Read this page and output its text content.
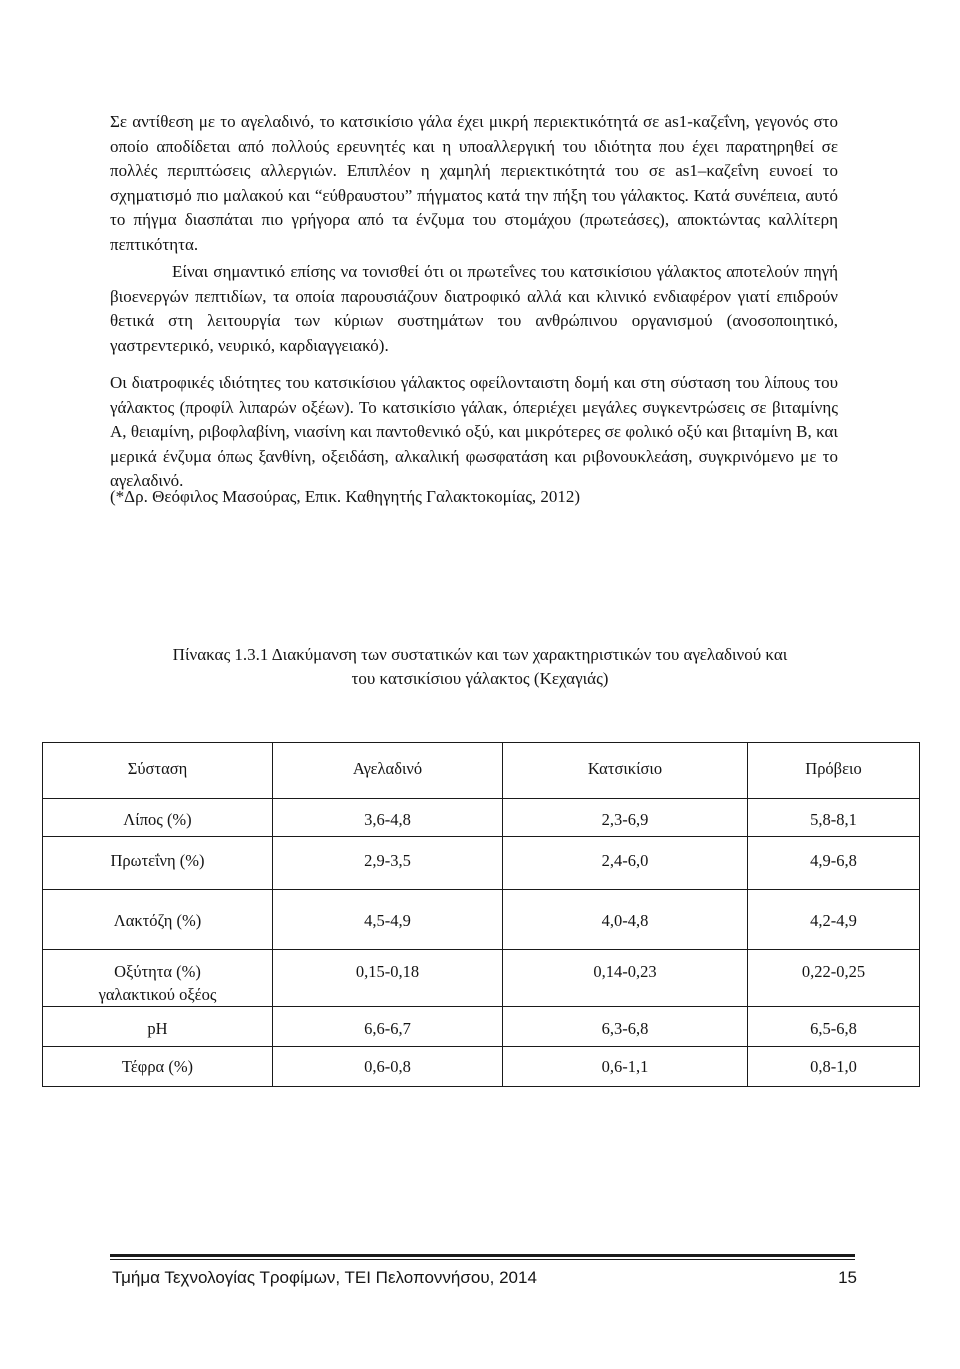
Σε αντίθεση με το αγελαδινό, το κατσικίσιο γάλα έχει μικρή περιεκτικότητά σε as1-καζεΐνη, γεγονός στο οποίο αποδίδεται από πολλούς ερευνητές και η υποαλλεργική του ιδιότητα που έχει παρατηρηθεί σε πολλές περιπτώσεις αλλεργιών. Επιπλέον η χαμηλή περιεκτικότητά του σε as1–καζεΐνη ευνοεί το σχηματισμό πιο μαλακού και “εύθραυστου” πήγματος κατά την πήξη του γάλακτος. Κατά συνέπεια, αυτό το πήγμα διασπάται πιο γρήγορα από τα ένζυμα του στομάχου (πρωτεάσες), αποκτώντας καλλίτερη πεπτικότητα.

Είναι σημαντικό επίσης να τονισθεί ότι οι πρωτεΐνες του κατσικίσιου γάλακτος αποτελούν πηγή βιοενεργών πεπτιδίων, τα οποία παρουσιάζουν διατροφικό αλλά και κλινικό ενδιαφέρον γιατί επιδρούν θετικά στη λειτουργία των κύριων συστημάτων του ανθρώπινου οργανισμού (ανοσοποιητικό, γαστρεντερικό, νευρικό, καρδιαγγειακό).

Οι διατροφικές ιδιότητες του κατσικίσιου γάλακτος οφείλονταιστη δομή και στη σύσταση του λίπους του γάλακτος (προφίλ λιπαρών οξέων). Το κατσικίσιο γάλακ, όπεριέχει μεγάλες συγκεντρώσεις σε βιταμίνης Α, θειαμίνη, ριβοφλαβίνη, νιασίνη και παντοθενικό οξύ, και μικρότερες σε φολικό οξύ και βιταμίνη Β, και μερικά ένζυμα όπως ξανθίνη, οξειδάση, αλκαλική φωσφατάση και ριβονουκλεάση, συγκρινόμενο με το αγελαδινό.

(*Δρ. Θεόφιλος Μασούρας, Επικ. Καθηγητής Γαλακτοκομίας, 2012)

Πίνακας 1.3.1 Διακύμανση των συστατικών και των χαρακτηριστικών του αγελαδινού και
του κατσικίσιου γάλακτος (Κεχαγιάς)
Σύσταση	Αγελαδινό	Κατσικίσιο	Πρόβειο
Λίπος (%)	3,6-4,8	2,3-6,9	5,8-8,1
Πρωτεΐνη (%)	2,9-3,5	2,4-6,0	4,9-6,8
Λακτόζη (%)	4,5-4,9	4,0-4,8	4,2-4,9

Οξύτητα (%)
γαλακτικού οξέος	0,15-0,18	0,14-0,23	0,22-0,25
pH	6,6-6,7	6,3-6,8	6,5-6,8
Τέφρα (%)	0,6-0,8	0,6-1,1	0,8-1,0
Τμήμα Τεχνολογίας Τροφίμων, ΤΕΙ Πελοποννήσου, 2014	15
